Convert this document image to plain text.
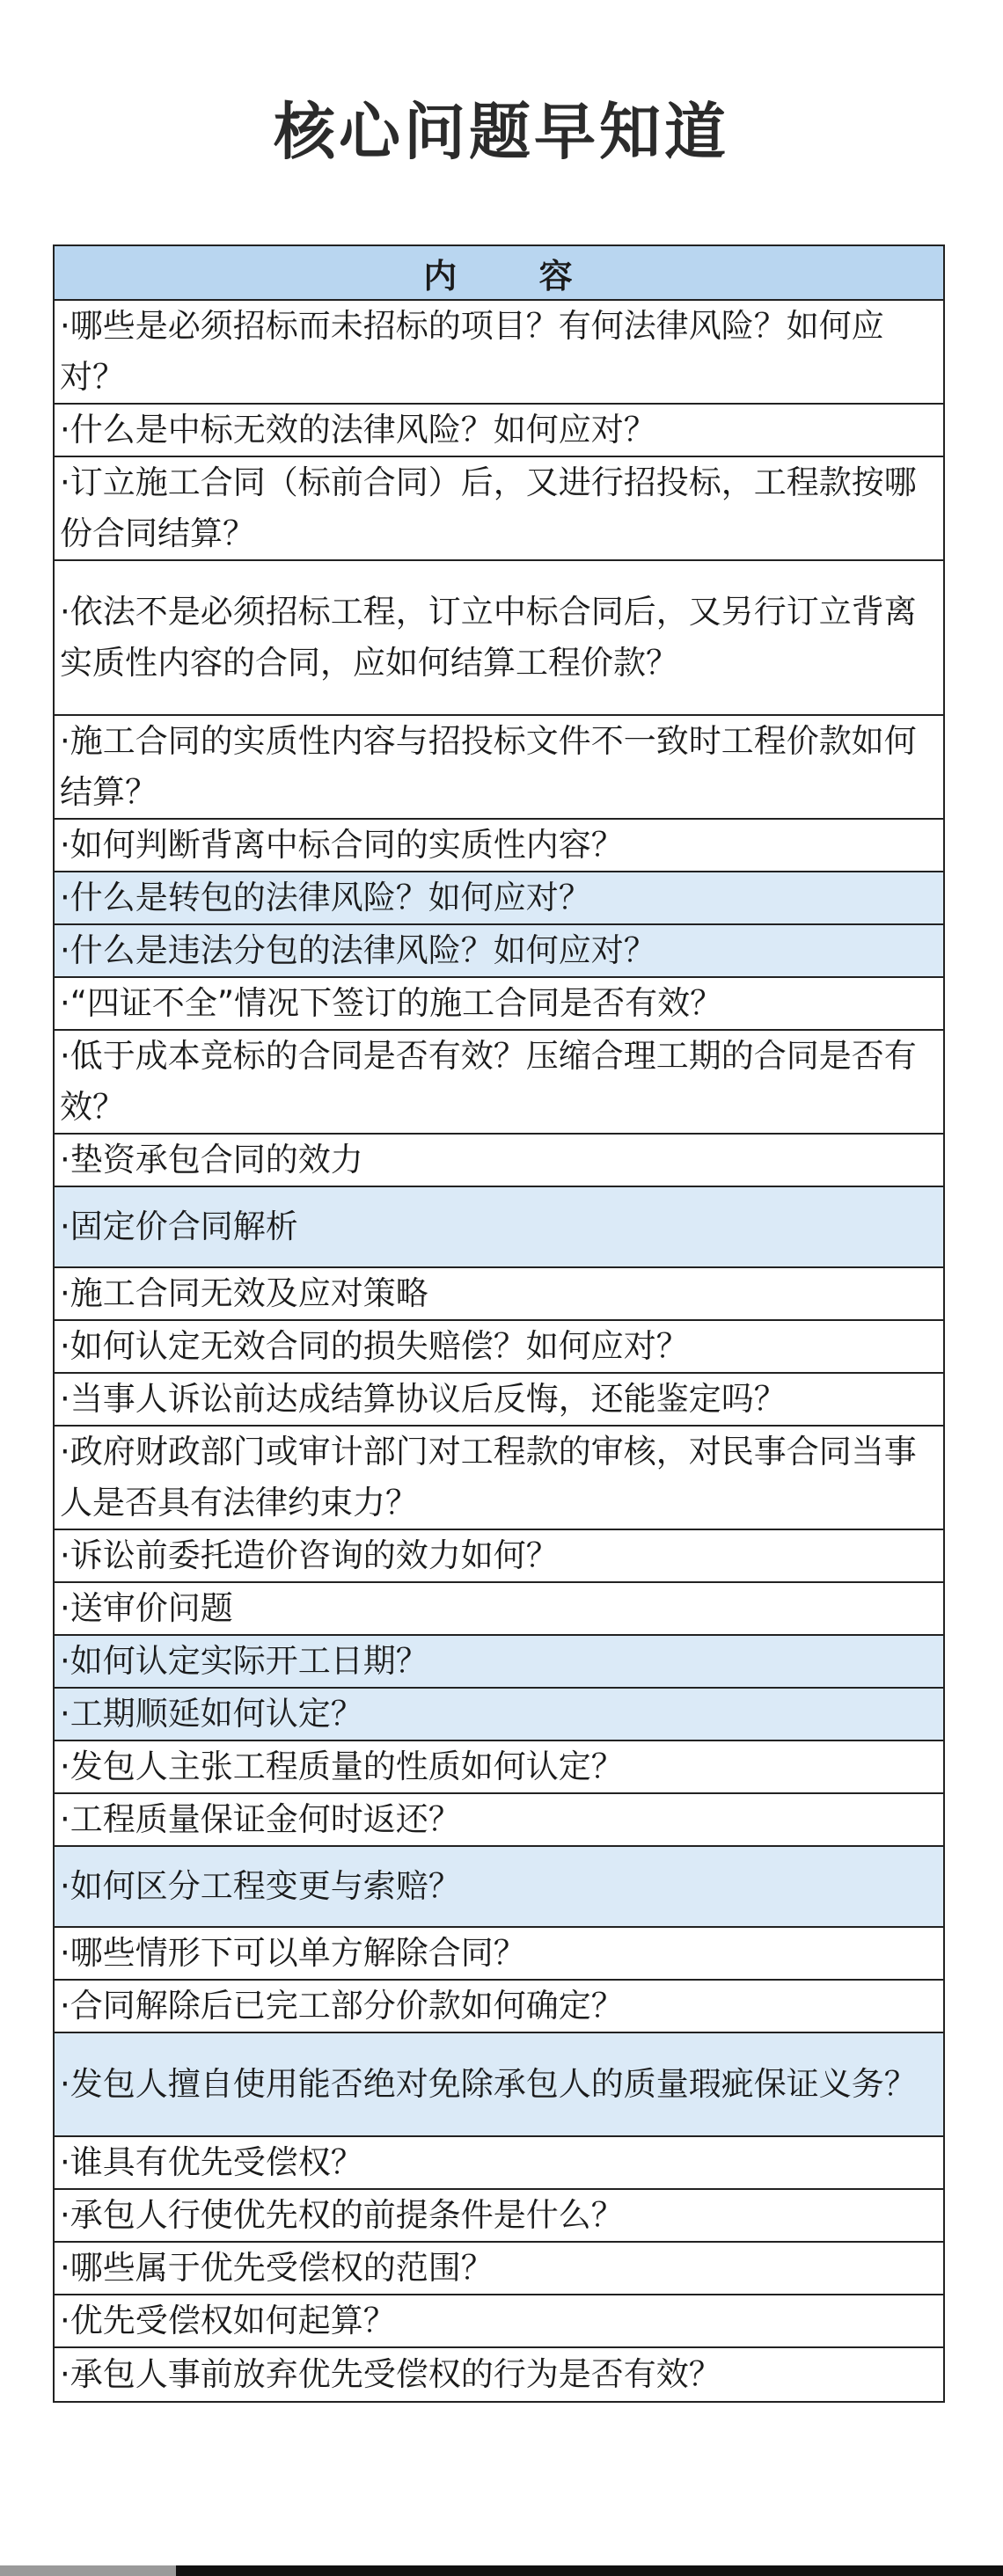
核心问题早知道
内      容
·哪些是必须招标而未招标的项目？有何法律风险？如何应对？
·什么是中标无效的法律风险？如何应对？
·订立施工合同（标前合同）后，又进行招投标，工程款按哪份合同结算？
·依法不是必须招标工程，订立中标合同后，又另行订立背离实质性内容的合同，应如何结算工程价款？
·施工合同的实质性内容与招投标文件不一致时工程价款如何结算？
·如何判断背离中标合同的实质性内容？
·什么是转包的法律风险？如何应对？
·什么是违法分包的法律风险？如何应对？
·“四证不全”情况下签订的施工合同是否有效？
·低于成本竞标的合同是否有效？压缩合理工期的合同是否有效？
·垫资承包合同的效力
·固定价合同解析
·施工合同无效及应对策略
·如何认定无效合同的损失赔偿？如何应对？
·当事人诉讼前达成结算协议后反悔，还能鉴定吗？
·政府财政部门或审计部门对工程款的审核，对民事合同当事人是否具有法律约束力？
·诉讼前委托造价咨询的效力如何？
·送审价问题
·如何认定实际开工日期？
·工期顺延如何认定？
·发包人主张工程质量的性质如何认定？
·工程质量保证金何时返还？
·如何区分工程变更与索赔？
·哪些情形下可以单方解除合同？
·合同解除后已完工部分价款如何确定？
·发包人擅自使用能否绝对免除承包人的质量瑕疵保证义务？
·谁具有优先受偿权？
·承包人行使优先权的前提条件是什么？
·哪些属于优先受偿权的范围？
·优先受偿权如何起算？
·承包人事前放弃优先受偿权的行为是否有效？
